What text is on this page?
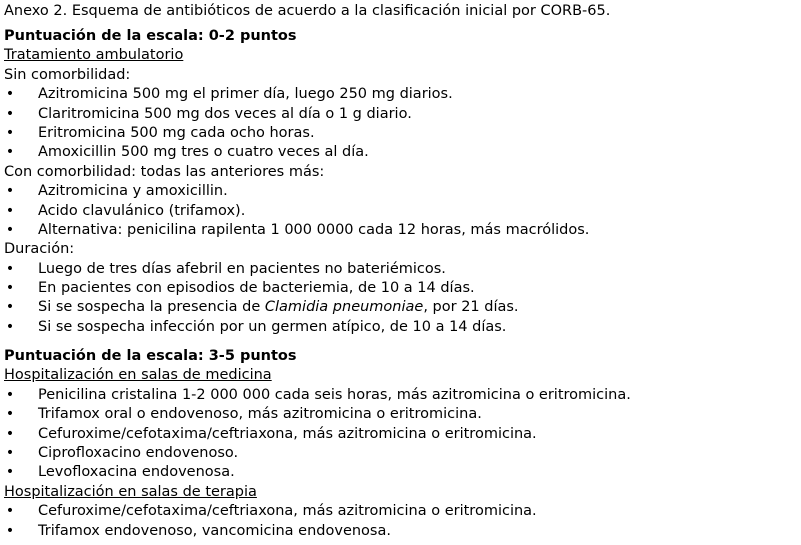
Anexo 2. Esquema de antibióticos de acuerdo a la clasificación inicial por CORB-65.
Puntuación de la escala: 0-2 puntos
Tratamiento ambulatorio
Sin comorbilidad:
• Azitromicina 500 mg el primer día, luego 250 mg diarios.
• Claritromicina 500 mg dos veces al día o 1 g diario.
• Eritromicina 500 mg cada ocho horas.
• Amoxicillin 500 mg tres o cuatro veces al día.
Con comorbilidad: todas las anteriores más:
• Azitromicina y amoxicillin.
• Acido clavulánico (trifamox).
• Alternativa: penicilina rapilenta 1 000 0000 cada 12 horas, más macrólidos.
Duración:
• Luego de tres días afebril en pacientes no bateriémicos.
• En pacientes con episodios de bacteriemia, de 10 a 14 días.
• Si se sospecha la presencia de Clamidia pneumoniae, por 21 días.
• Si se sospecha infección por un germen atípico, de 10 a 14 días.
Puntuación de la escala: 3-5 puntos
Hospitalización en salas de medicina
• Penicilina cristalina 1-2 000 000 cada seis horas, más azitromicina o eritromicina.
• Trifamox oral o endovenoso, más azitromicina o eritromicina.
• Cefuroxime/cefotaxima/ceftriaxona, más azitromicina o eritromicina.
• Ciprofloxacino endovenoso.
• Levofloxacina endovenosa.
Hospitalización en salas de terapia
• Cefuroxime/cefotaxima/ceftriaxona, más azitromicina o eritromicina.
• Trifamox endovenoso, vancomicina endovenosa.
